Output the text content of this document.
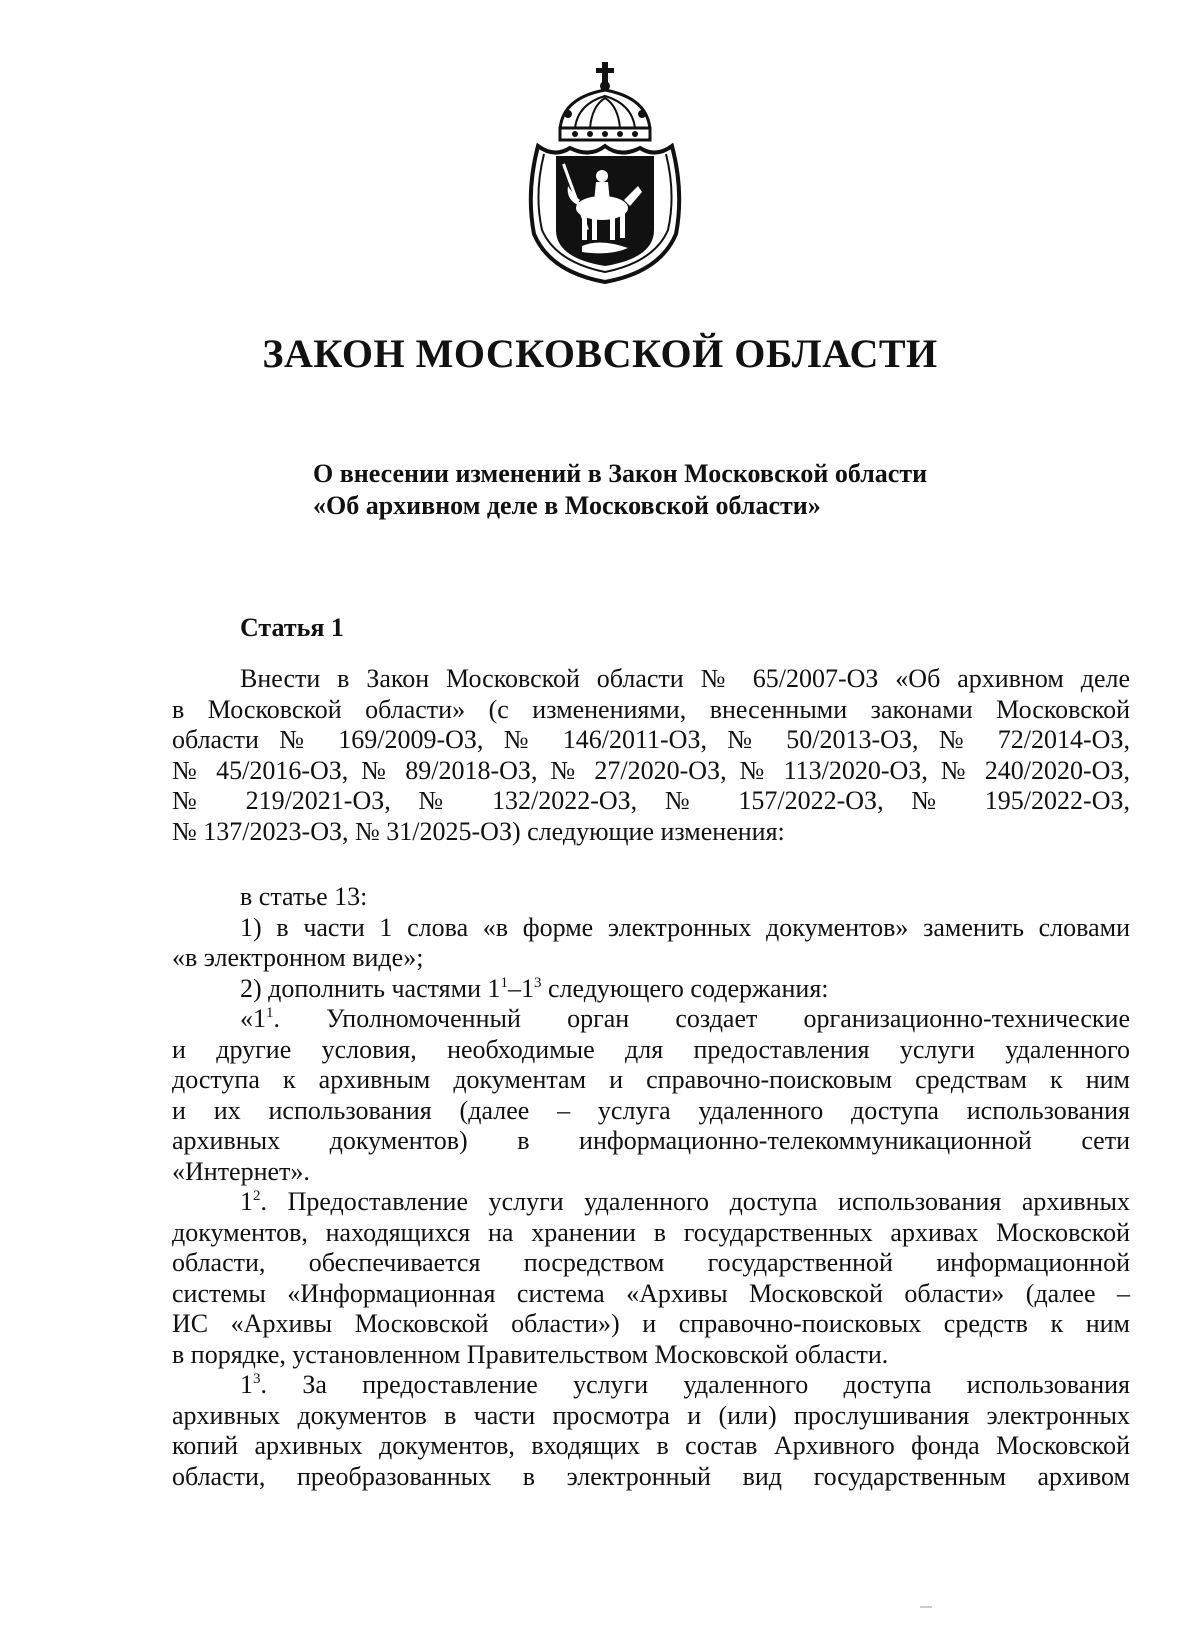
ЗАКОН МОСКОВСКОЙ ОБЛАСТИ
О внесении изменений в Закон Московской области
«Об архивном деле в Московской области»
Статья 1
Внести в Закон Московской области № 65/2007-ОЗ «Об архивном деле
в Московской области» (с изменениями, внесенными законами Московской
области № 169/2009-ОЗ, № 146/2011-ОЗ, № 50/2013-ОЗ, № 72/2014-ОЗ,
№ 45/2016-ОЗ, № 89/2018-ОЗ, № 27/2020-ОЗ, № 113/2020-ОЗ, № 240/2020-ОЗ,
№ 219/2021-ОЗ, № 132/2022-ОЗ, № 157/2022-ОЗ, № 195/2022-ОЗ,
№ 137/2023-ОЗ, № 31/2025-ОЗ) следующие изменения:
в статье 13:
1) в части 1 слова «в форме электронных документов» заменить словами
«в электронном виде»;
2) дополнить частями $1^1-1^3$ следующего содержания:
«$1^1$. Уполномоченный орган создает организационно-технические
и другие условия, необходимые для предоставления услуги удаленного
доступа к архивным документам и справочно-поисковым средствам к ним
и их использования (далее – услуга удаленного доступа использования
архивных документов) в информационно-телекоммуникационной сети
«Интернет».
$1^2$. Предоставление услуги удаленного доступа использования архивных
документов, находящихся на хранении в государственных архивах Московской
области, обеспечивается посредством государственной информационной
системы «Информационная система «Архивы Московской области» (далее –
ИС «Архивы Московской области») и справочно-поисковых средств к ним
в порядке, установленном Правительством Московской области.
$1^3$. За предоставление услуги удаленного доступа использования
архивных документов в части просмотра и (или) прослушивания электронных
копий архивных документов, входящих в состав Архивного фонда Московской
области, преобразованных в электронный вид государственным архивом
